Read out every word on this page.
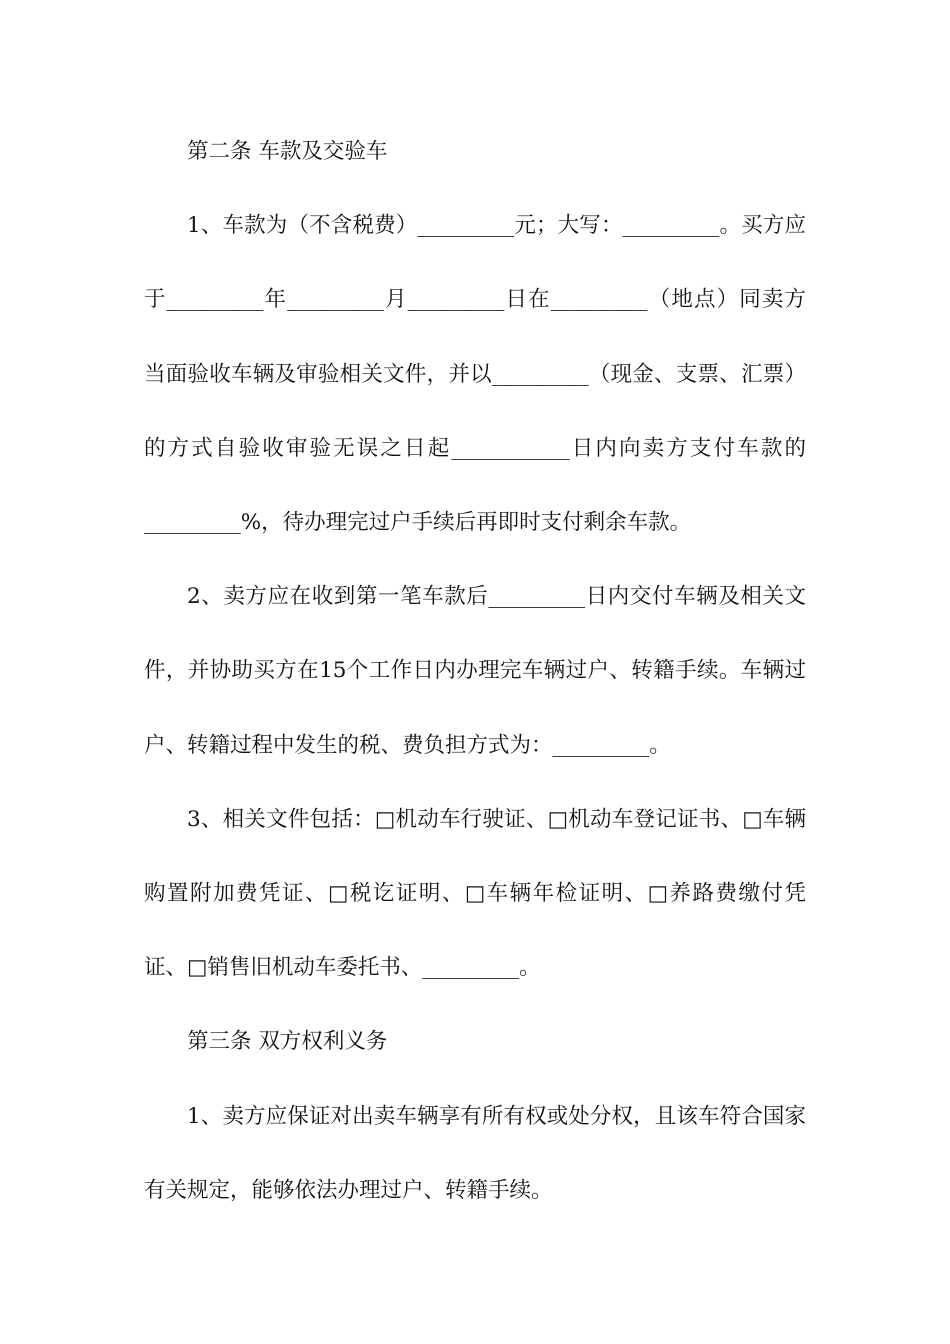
第二条 车款及交验车

1、车款为（不含税费）_________元；大写：_________。买方应于_________年_________月_________日在_________（地点）同卖方当面验收车辆及审验相关文件，并以_________（现金、支票、汇票）的方式自验收审验无误之日起___________日内向卖方支付车款的_________%，待办理完过户手续后再即时支付剩余车款。

2、卖方应在收到第一笔车款后_________日内交付车辆及相关文件，并协助买方在15个工作日内办理完车辆过户、转籍手续。车辆过户、转籍过程中发生的税、费负担方式为：_________。

3、相关文件包括：□机动车行驶证、□机动车登记证书、□车辆购置附加费凭证、□税讫证明、□车辆年检证明、□养路费缴付凭证、□销售旧机动车委托书、_________。

第三条 双方权利义务

1、卖方应保证对出卖车辆享有所有权或处分权，且该车符合国家有关规定，能够依法办理过户、转籍手续。
